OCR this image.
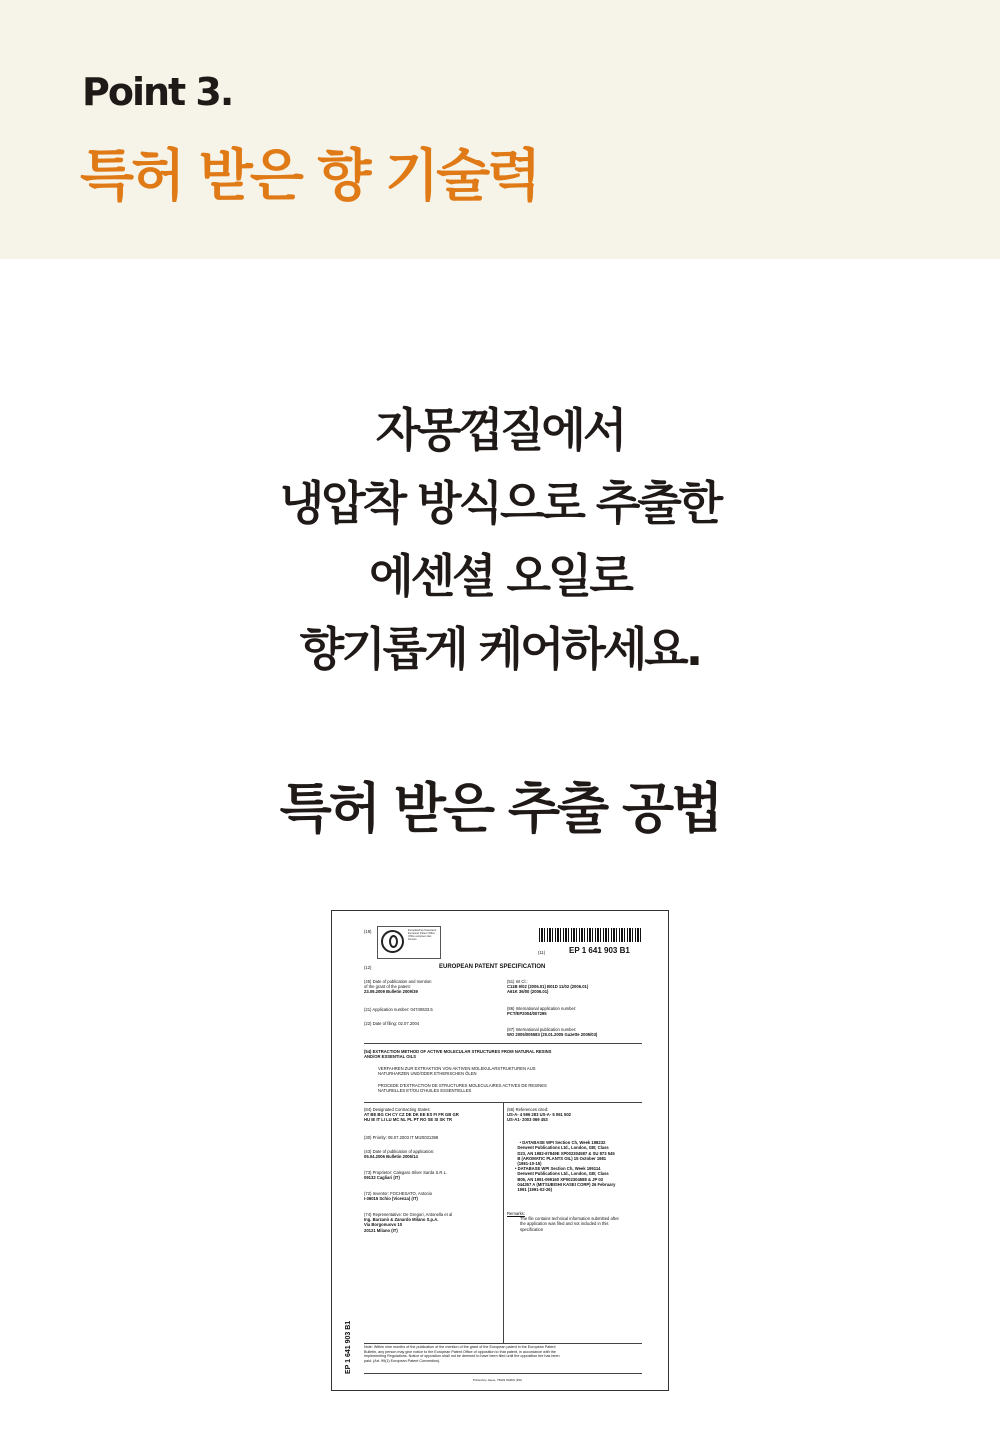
Point 3.
특허 받은 향 기술력
자몽껍질에서
냉압착 방식으로 추출한
에센셜 오일로
향기롭게 케어하세요.
특허 받은 추출 공법
(19)	Europäisches Patentamt
European Patent Office
Office européen des brevets
(11)	EP 1 641 903 B1
(12)	EUROPEAN PATENT SPECIFICATION
(45) Date of publication and mention
of the grant of the patent:
23.09.2009 Bulletin 2009/39
(21) Application number: 04740633.5
(22) Date of filing: 02.07.2004
(51) Int Cl.:
C11B 9/02 (2006.01) B01D 11/02 (2006.01)
A61K 36/00 (2006.01)
(86) International application number:
PCT/EP2004/007295
(87) International publication number:
WO 2005/005583 (20.01.2005 Gazette 2005/03)
(54) EXTRACTION METHOD OF ACTIVE MOLECULAR STRUCTURES FROM NATURAL RESINS
AND/OR ESSENTIAL OILS
VERFAHREN ZUR EXTRAKTION VON AKTIVEN MOLEKULARSTRUKTUREN AUS
NATURHARZEN UND/ODER ETHERISCHEN ÖLEN
PROCEDE D'EXTRACTION DE STRUCTURES MOLECULAIRES ACTIVES DE RESINES
NATURELLES ET/OU D'HUILES ESSENTIELLES
(84) Designated Contracting States:
AT BE BG CH CY CZ DE DK EE ES FI FR GB GR
HU IE IT LI LU MC NL PL PT RO SE SI SK TR
(30) Priority: 08.07.2003 IT MI20031398
(43) Date of publication of application:
05.04.2006 Bulletin 2006/14
(73) Proprietor: Calegaro Silver Sarda S.R.L.
09132 Cagliari (IT)
(72) Inventor: FOCHESATO, Antonio
I-36015 Schio (Vicenza) (IT)
(74) Representative: De Gregori, Antonella et al
Ing. Barzanò & Zanardo Milano S.p.A.
Via Borgonuovo 10
20121 Milano (IT)
(56) References cited:
US-A- 4 596 283 US-A- 5 061 502
US-A1- 2003 069 453

• DATABASE WPI Section Ch, Week 198232
Derwent Publications Ltd., London, GB; Class
D23, AN 1982-67849E XP002304587 & SU 873 545
B (AROMATIC PLANTS OIL) 15 October 1981
(1981-10-15)
• DATABASE WPI Section Ch, Week 199114
Derwent Publications Ltd., London, GB; Class
B05, AN 1991-099160 XP002304588 & JP 03
044357 A (MITSUBISHI KASEI CORP) 26 February
1991 (1991-02-26)

Remarks:
The file contains technical information submitted after
the application was filed and not included in this
specification
Note: Within nine months of the publication of the mention of the grant of the European patent in the European Patent
Bulletin, any person may give notice to the European Patent Office of opposition to that patent, in accordance with the
Implementing Regulations. Notice of opposition shall not be deemed to have been filed until the opposition fee has been
paid. (Art. 99(1) European Patent Convention).
Printed by Jouve, 75001 PARIS (FR)
EP 1 641 903 B1
